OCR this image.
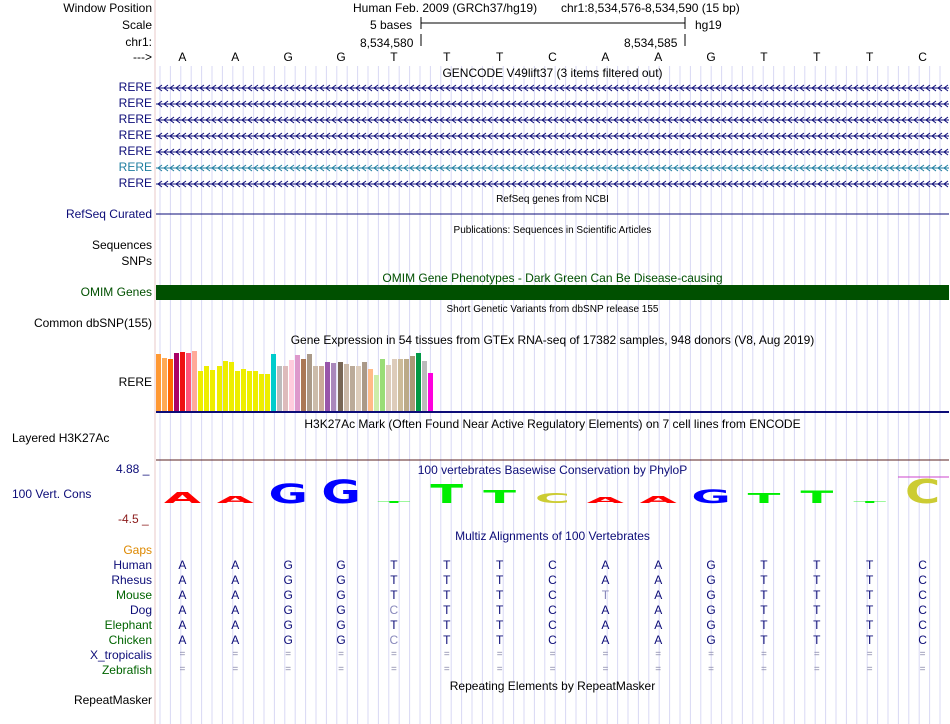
Window Position
Scale
chr1:
--->
Human Feb. 2009 (GRCh37/hg19) chr1:8,534,576-8,534,590 (15 bp)
5 bases	hg19
8,534,580	8,534,585
A	A	G	G	T	T	T	C	A	A	G	T	T	T	C
GENCODE V49lift37 (3 items filtered out)
RERE
RERE
RERE
RERE
RERE
RERE
RERE
RefSeq genes from NCBI
RefSeq Curated
Publications: Sequences in Scientific Articles
Sequences
SNPs
OMIM Gene Phenotypes - Dark Green Can Be Disease-causing
OMIM Genes
Short Genetic Variants from dbSNP release 155
Common dbSNP(155)
Gene Expression in 54 tissues from GTEx RNA-seq of 17382 samples, 948 donors (V8, Aug 2019)
RERE
H3K27Ac Mark (Often Found Near Active Regulatory Elements) on 7 cell lines from ENCODE
Layered H3K27Ac
100 vertebrates Basewise Conservation by PhyloP
4.88 _
100 Vert. Cons
-4.5 _
A A G G T T T C A A G T T T C
Multiz Alignments of 100 Vertebrates
Gaps
Human	A	A	G	G	T	T	T	C	A	A	G	T	T	T	C
Rhesus	A	A	G	G	T	T	T	C	A	A	G	T	T	T	C
Mouse	A	A	G	G	T	T	T	C	T	A	G	T	T	T	C
Dog	A	A	G	G	C	T	T	C	A	A	G	T	T	T	C
Elephant	A	A	G	G	T	T	T	C	A	A	G	T	T	T	C
Chicken	A	A	G	G	C	T	T	C	A	A	G	T	T	T	C
X_tropicalis	=	=	=	=	=	=	=	=	=	=	=	=	=	=	=
Zebrafish	=	=	=	=	=	=	=	=	=	=	=	=	=	=	=
Repeating Elements by RepeatMasker
RepeatMasker
